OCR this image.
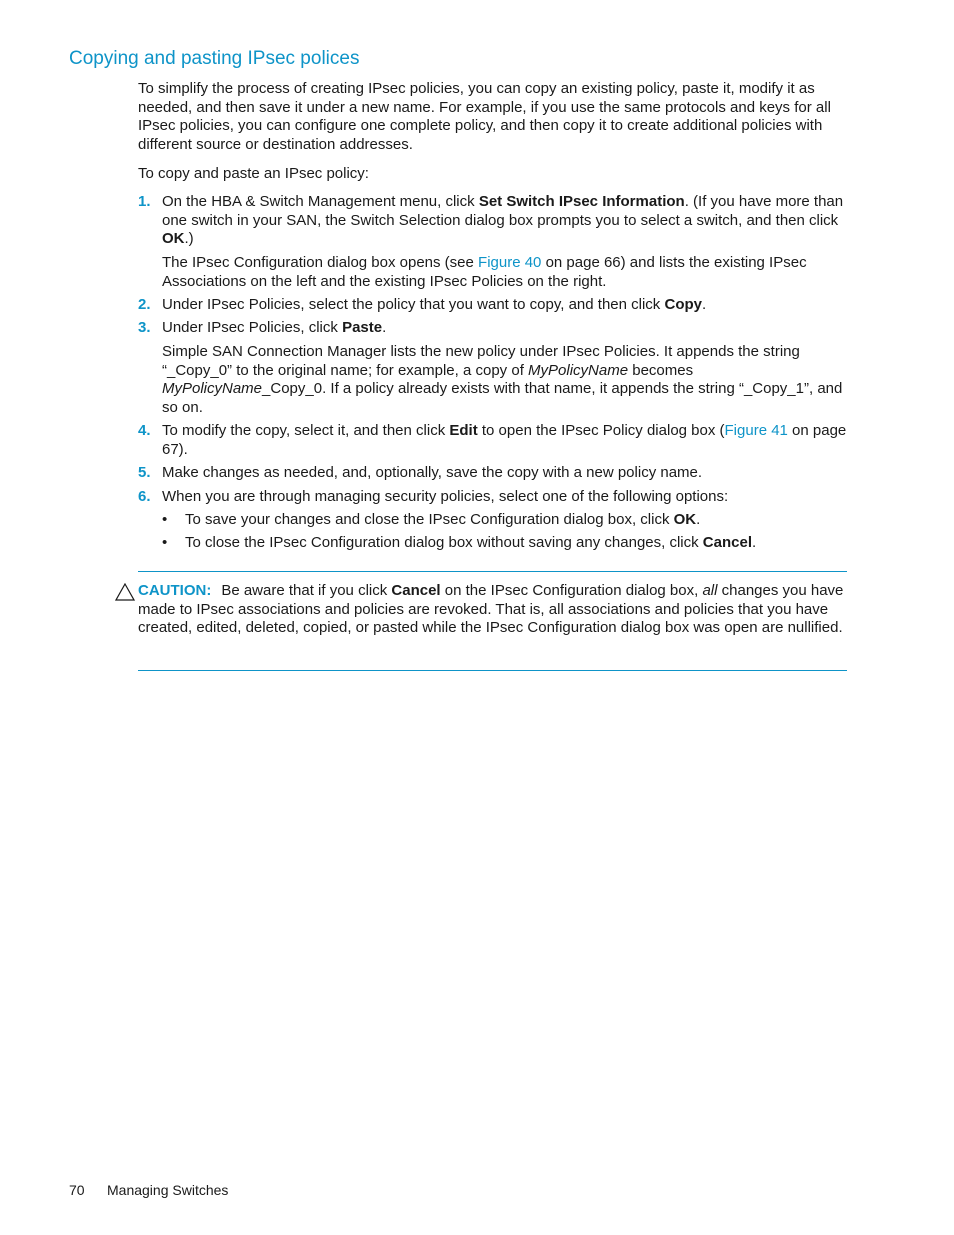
Copying and pasting IPsec polices

To simplify the process of creating IPsec policies, you can copy an existing policy, paste it, modify it as needed, and then save it under a new name. For example, if you use the same protocols and keys for all IPsec policies, you can configure one complete policy, and then copy it to create additional policies with different source or destination addresses.

To copy and paste an IPsec policy:

1. On the HBA & Switch Management menu, click Set Switch IPsec Information. (If you have more than one switch in your SAN, the Switch Selection dialog box prompts you to select a switch, and then click OK.)

The IPsec Configuration dialog box opens (see Figure 40 on page 66) and lists the existing IPsec Associations on the left and the existing IPsec Policies on the right.

2. Under IPsec Policies, select the policy that you want to copy, and then click Copy.
3. Under IPsec Policies, click Paste.

Simple SAN Connection Manager lists the new policy under IPsec Policies. It appends the string “_Copy_0” to the original name; for example, a copy of MyPolicyName becomes MyPolicyName_Copy_0. If a policy already exists with that name, it appends the string “_Copy_1”, and so on.

4. To modify the copy, select it, and then click Edit to open the IPsec Policy dialog box (Figure 41 on page 67).
5. Make changes as needed, and, optionally, save the copy with a new policy name.
6. When you are through managing security policies, select one of the following options:
• To save your changes and close the IPsec Configuration dialog box, click OK.
• To close the IPsec Configuration dialog box without saving any changes, click Cancel.
CAUTION: Be aware that if you click Cancel on the IPsec Configuration dialog box, all changes you have made to IPsec associations and policies are revoked. That is, all associations and policies that you have created, edited, deleted, copied, or pasted while the IPsec Configuration dialog box was open are nullified.
70 Managing Switches
